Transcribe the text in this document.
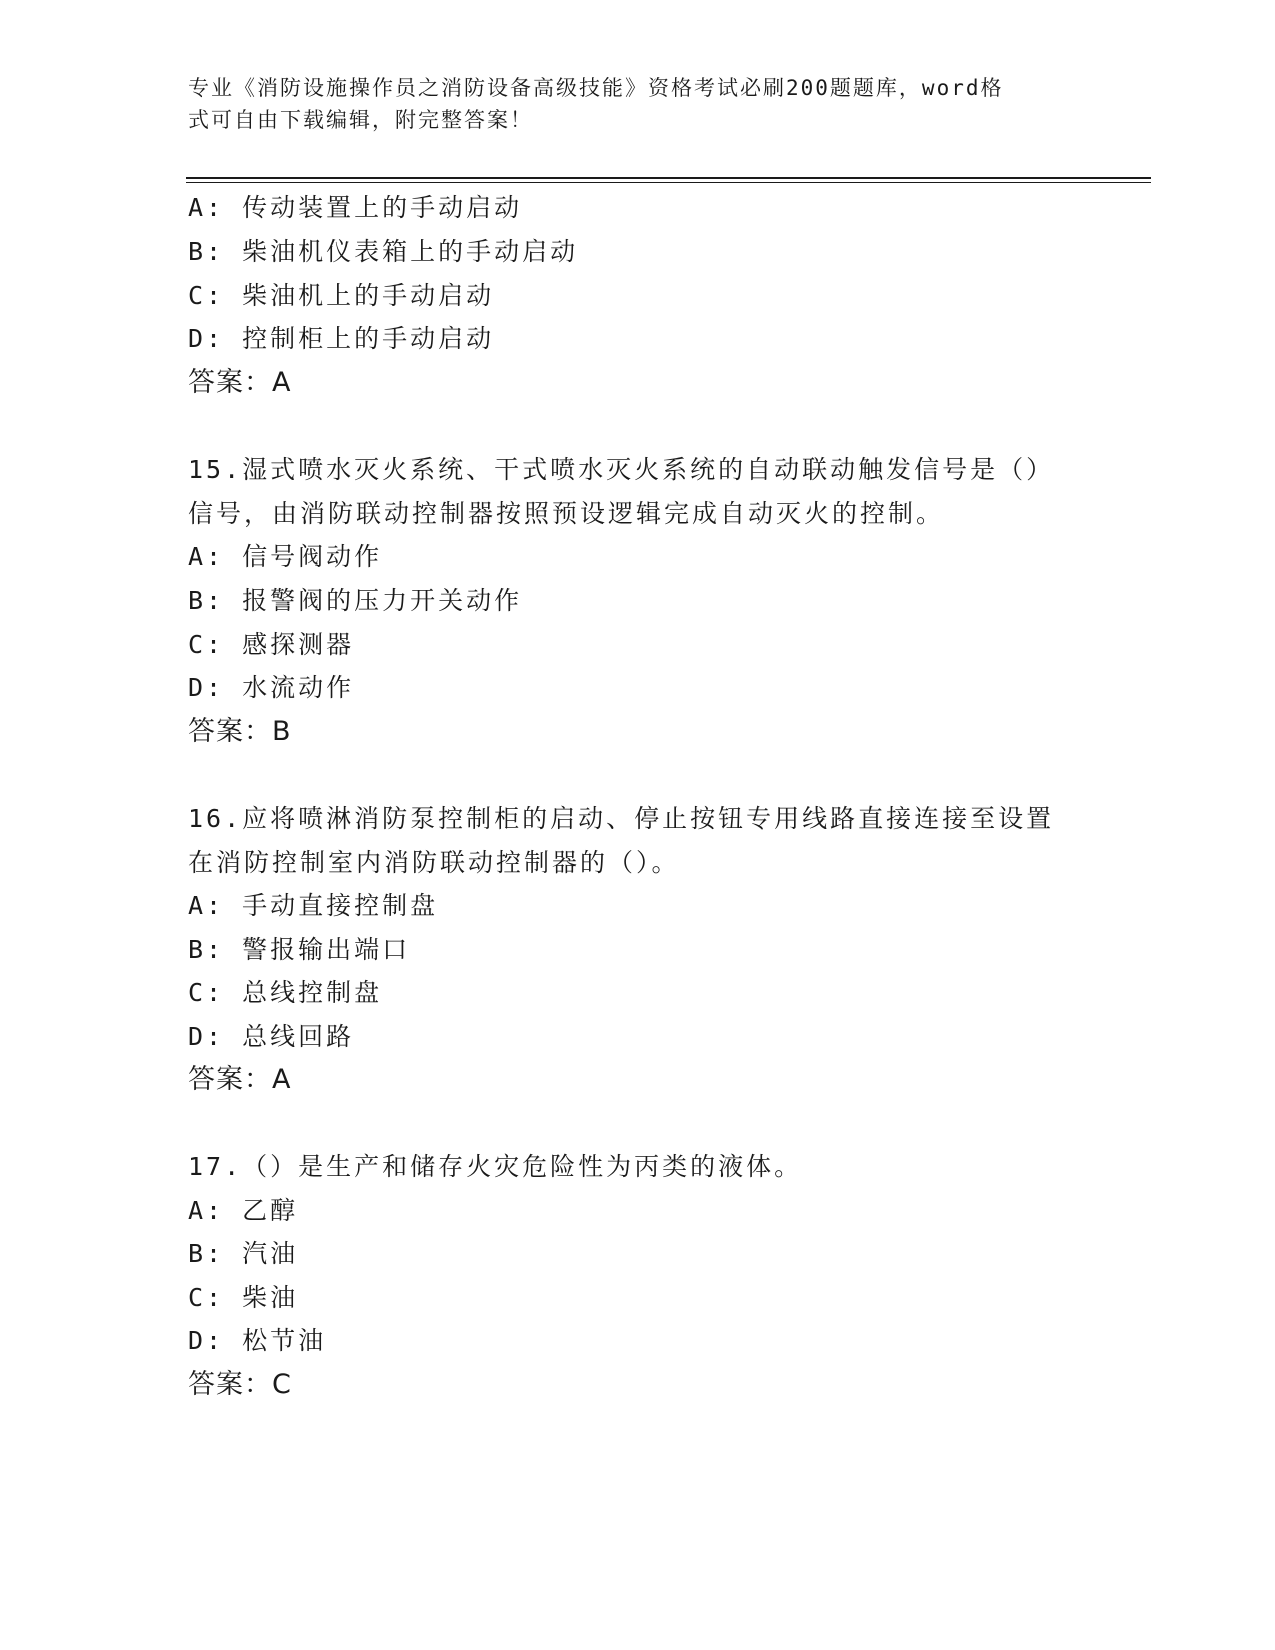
专业《消防设施操作员之消防设备高级技能》资格考试必刷200题题库，word格
式可自由下载编辑，附完整答案！
A: 传动装置上的手动启动
B: 柴油机仪表箱上的手动启动
C: 柴油机上的手动启动
D: 控制柜上的手动启动
答案：A
15.湿式喷水灭火系统、干式喷水灭火系统的自动联动触发信号是（）
信号，由消防联动控制器按照预设逻辑完成自动灭火的控制。
A: 信号阀动作
B: 报警阀的压力开关动作
C: 感探测器
D: 水流动作
答案：B
16.应将喷淋消防泵控制柜的启动、停止按钮专用线路直接连接至设置
在消防控制室内消防联动控制器的（）。
A: 手动直接控制盘
B: 警报输出端口
C: 总线控制盘
D: 总线回路
答案：A
17.（）是生产和储存火灾危险性为丙类的液体。
A: 乙醇
B: 汽油
C: 柴油
D: 松节油
答案：C
